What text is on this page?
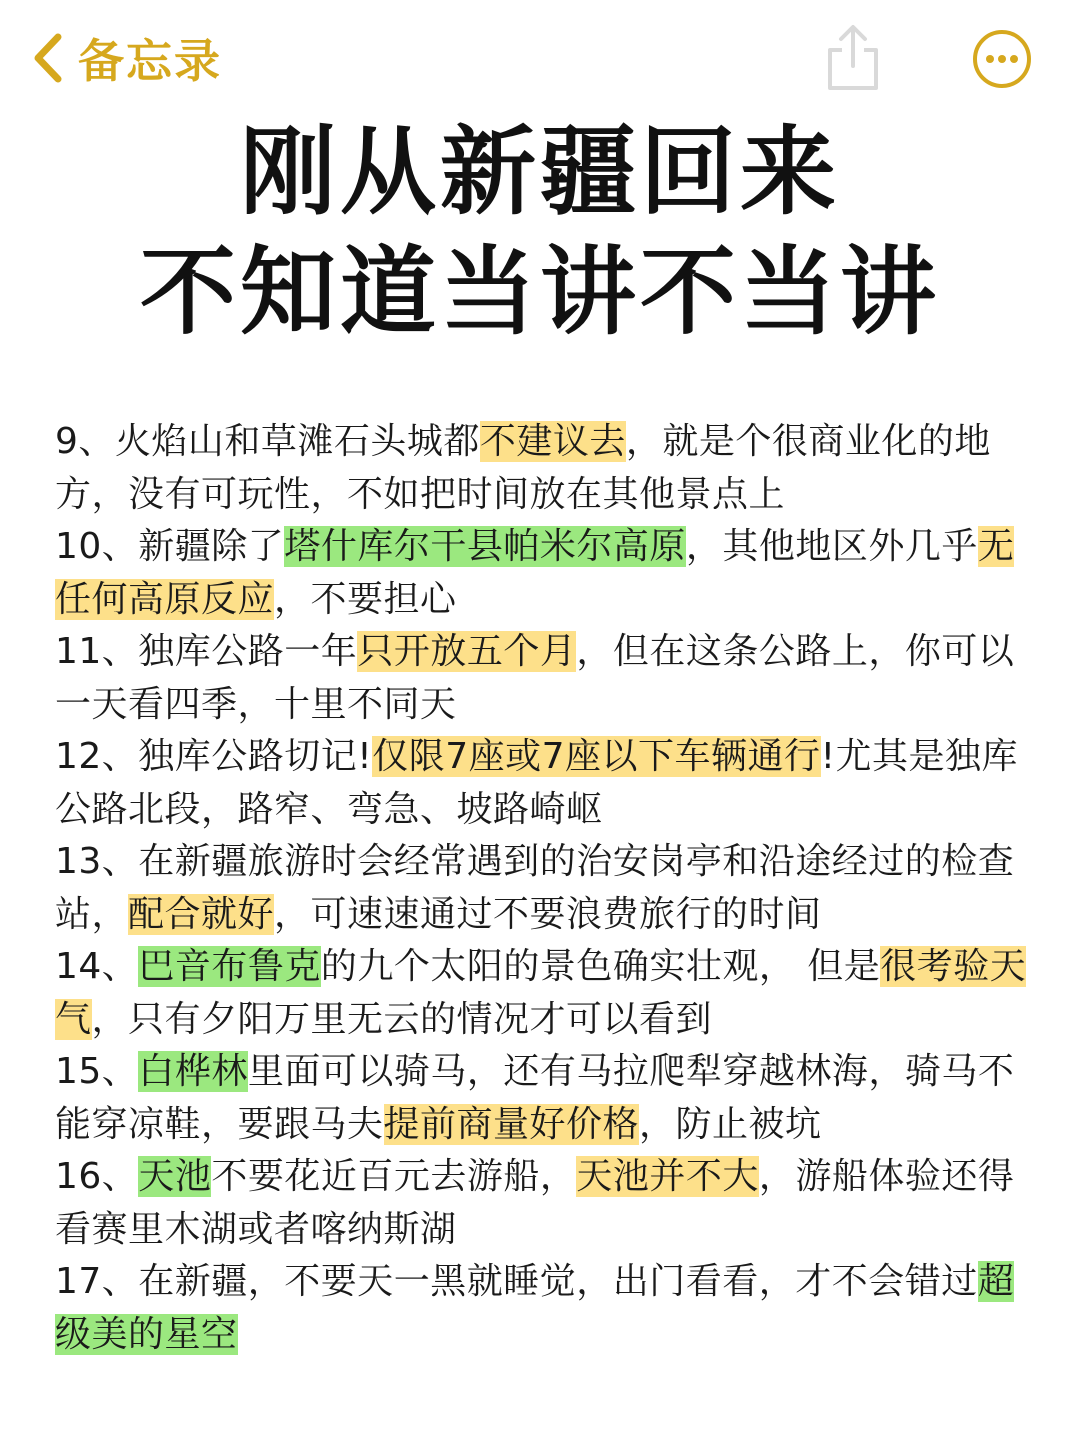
备忘录
刚从新疆回来
不知道当讲不当讲
9、火焰山和草滩石头城都不建议去，就是个很商业化的地方，没有可玩性，不如把时间放在其他景点上
10、新疆除了塔什库尔干县帕米尔高原，其他地区外几乎无任何高原反应，不要担心
11、独库公路一年只开放五个月，但在这条公路上，你可以一天看四季，十里不同天
12、独库公路切记!仅限7座或7座以下车辆通行!尤其是独库公路北段，路窄、弯急、坡路崎岖
13、在新疆旅游时会经常遇到的治安岗亭和沿途经过的检查站，配合就好，可速速通过不要浪费旅行的时间
14、巴音布鲁克的九个太阳的景色确实壮观， 但是很考验天气，只有夕阳万里无云的情况才可以看到
15、白桦林里面可以骑马，还有马拉爬犁穿越林海，骑马不能穿凉鞋，要跟马夫提前商量好价格，防止被坑
16、天池不要花近百元去游船，天池并不大，游船体验还得看赛里木湖或者喀纳斯湖
17、在新疆，不要天一黑就睡觉，出门看看，才不会错过超级美的星空
